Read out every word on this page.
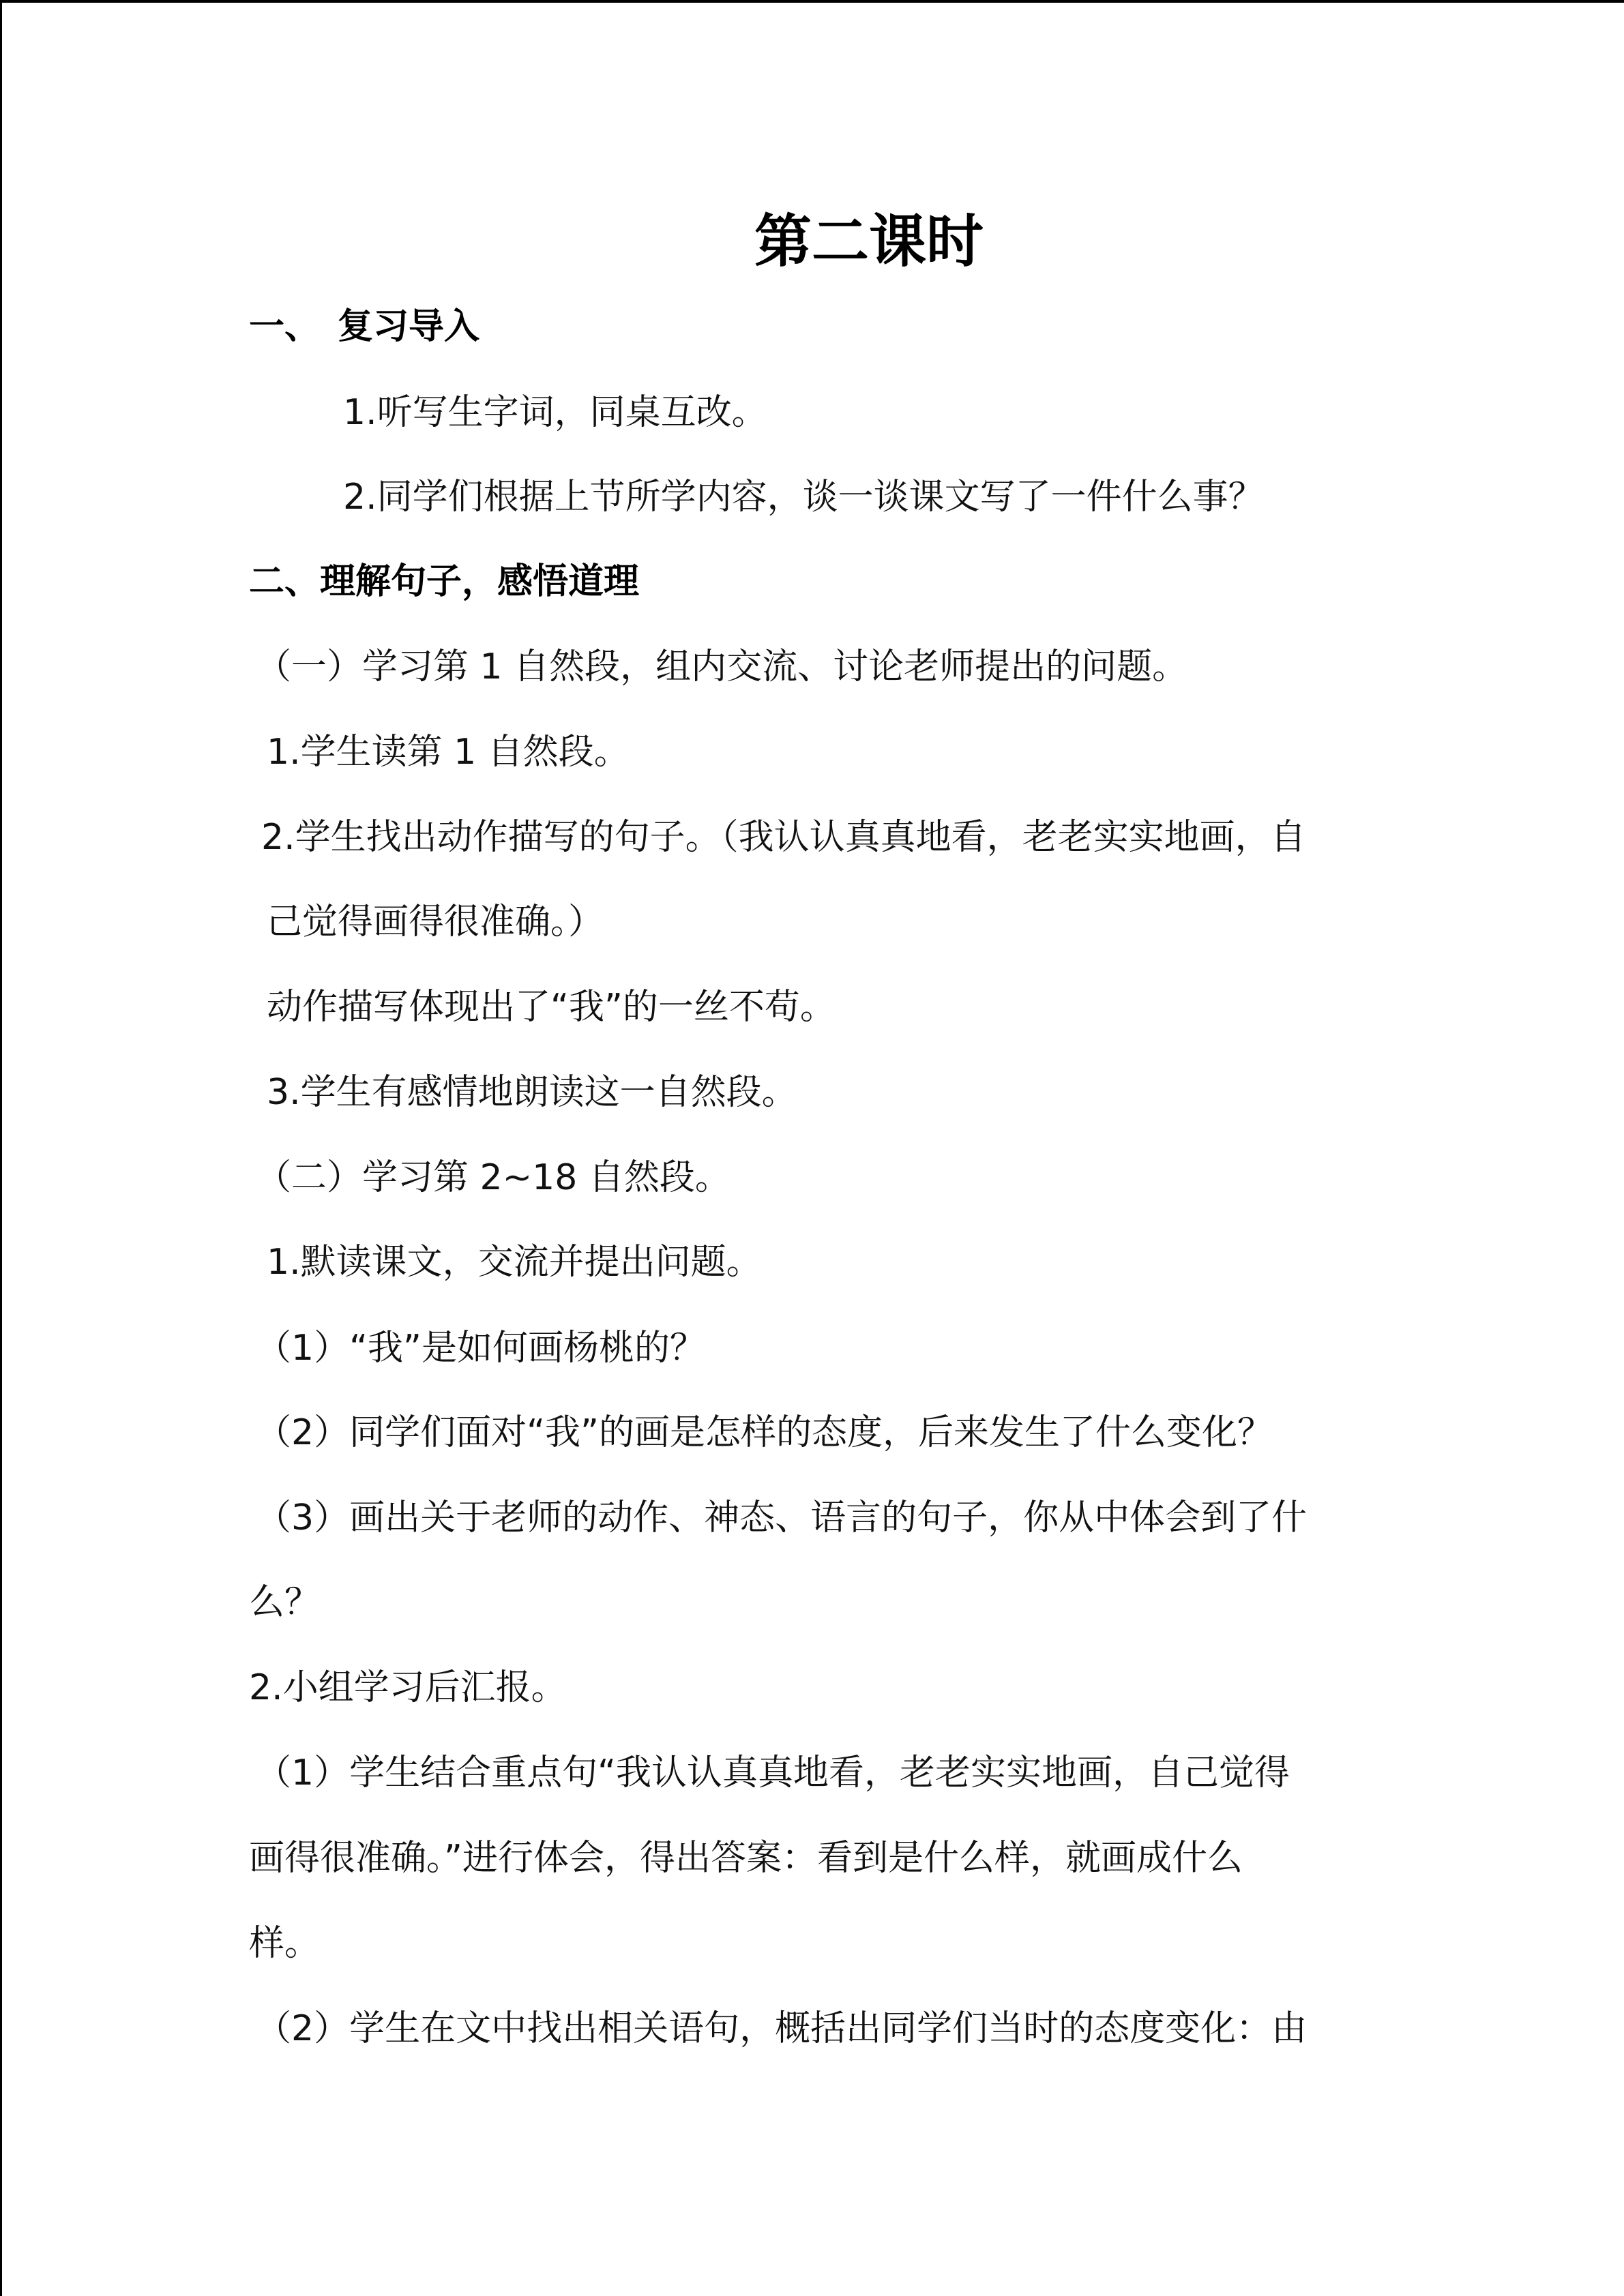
第二课时
一、　复习导入
1.听写生字词，同桌互改。
2.同学们根据上节所学内容，谈一谈课文写了一件什么事？
二、理解句子，感悟道理
（一）学习第 1 自然段，组内交流、讨论老师提出的问题。
1.学生读第 1 自然段。
2.学生找出动作描写的句子。（我认认真真地看，老老实实地画，自
己觉得画得很准确。）
动作描写体现出了“我”的一丝不苟。
3.学生有感情地朗读这一自然段。
（二）学习第 2~18 自然段。
1.默读课文，交流并提出问题。
（1）“我”是如何画杨桃的？
（2）同学们面对“我”的画是怎样的态度，后来发生了什么变化？
（3）画出关于老师的动作、神态、语言的句子，你从中体会到了什
么？
2.小组学习后汇报。
（1）学生结合重点句“我认认真真地看，老老实实地画，自己觉得
画得很准确。”进行体会，得出答案：看到是什么样，就画成什么
样。
（2）学生在文中找出相关语句，概括出同学们当时的态度变化：由
